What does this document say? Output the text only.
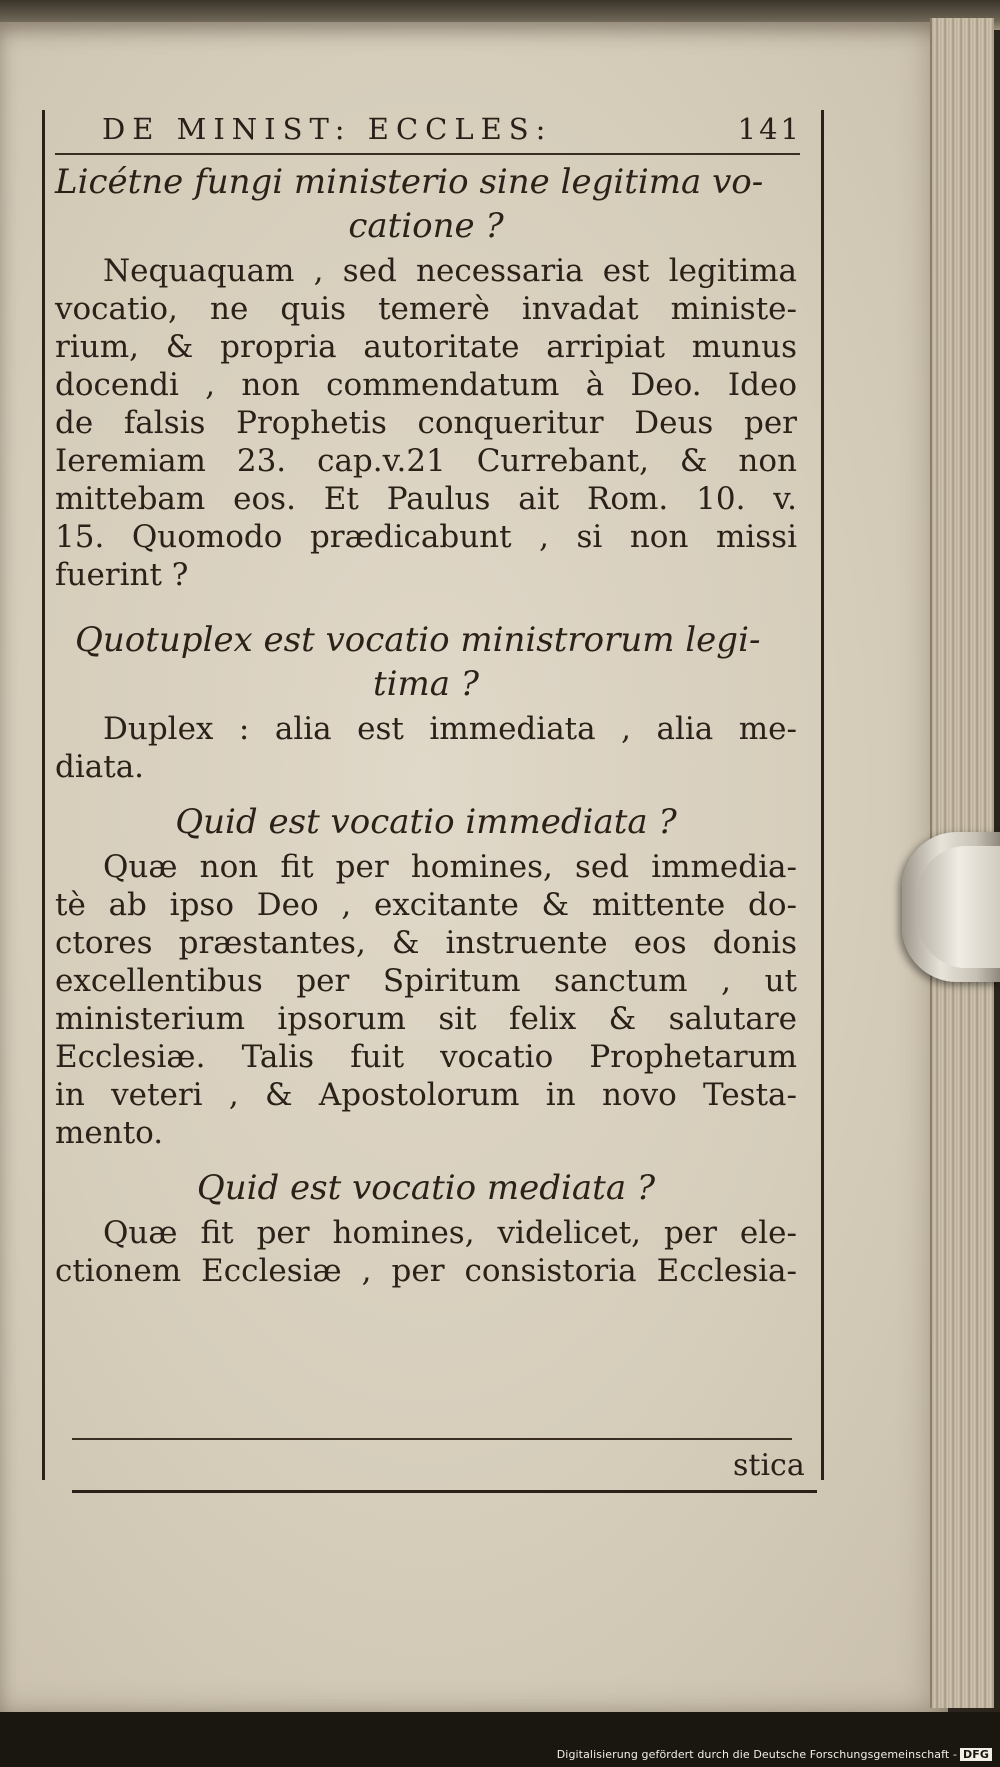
DE MINIST: ECCLES:	141

Licétne fungi ministerio sine legitima vo-
catione ?

Nequaquam , sed necessaria est legitima
vocatio, ne quis temerè invadat ministe-
rium, & propria autoritate arripiat munus
docendi , non commendatum à Deo. Ideo
de falsis Prophetis conqueritur Deus per
Ieremiam 23. cap.v.21 Currebant, & non
mittebam eos. Et Paulus ait Rom. 10. v.
15. Quomodo prædicabunt , si non missi
fuerint ?

Quotuplex est vocatio ministrorum legi-
tima ?

Duplex : alia est immediata , alia me-
diata.

Quid est vocatio immediata ?

Quæ non fit per homines, sed immedia-
tè ab ipso Deo , excitante & mittente do-
ctores præstantes, & instruente eos donis
excellentibus per Spiritum sanctum , ut
ministerium ipsorum sit felix & salutare
Ecclesiæ. Talis fuit vocatio Prophetarum
in veteri , & Apostolorum in novo Testa-
mento.

Quid est vocatio mediata ?

Quæ fit per homines, videlicet, per ele-
ctionem Ecclesiæ , per consistoria Ecclesia-
stica
Digitalisierung gefördert durch die Deutsche Forschungsgemeinschaft - DFG
